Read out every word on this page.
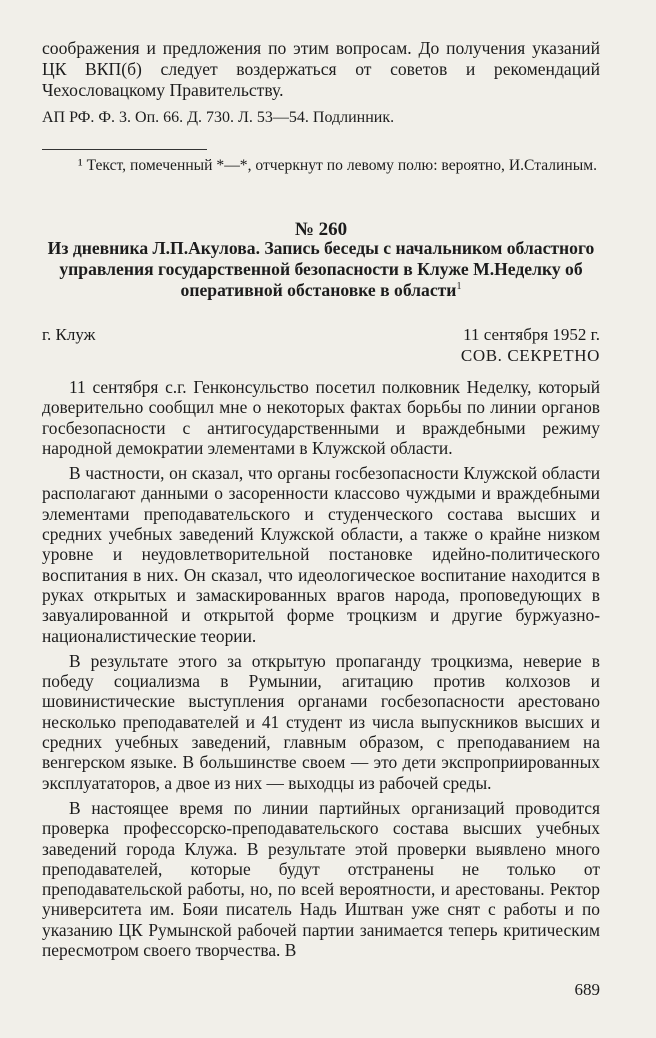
соображения и предложения по этим вопросам. До получения указаний ЦК ВКП(б) следует воздержаться от советов и рекомендаций Чехословацкому Правительству.
АП РФ. Ф. 3. Оп. 66. Д. 730. Л. 53—54. Подлинник.
¹ Текст, помеченный *—*, отчеркнут по левому полю: вероятно, И.Сталиным.
№ 260
Из дневника Л.П.Акулова. Запись беседы с начальником областного управления государственной безопасности в Клуже М.Неделку об оперативной обстановке в области$^1$
г. Клуж	11 сентября 1952 г.
СОВ. СЕКРЕТНО

11 сентября с.г. Генконсульство посетил полковник Неделку, который доверительно сообщил мне о некоторых фактах борьбы по линии органов госбезопасности с антигосударственными и враждебными режиму народной демократии элементами в Клужской области.

В частности, он сказал, что органы госбезопасности Клужской области располагают данными о засоренности классово чуждыми и враждебными элементами преподавательского и студенческого состава высших и средних учебных заведений Клужской области, а также о крайне низком уровне и неудовлетворительной постановке идейно-политического воспитания в них. Он сказал, что идеологическое воспитание находится в руках открытых и замаскированных врагов народа, проповедующих в завуалированной и открытой форме троцкизм и другие буржуазно-националистические теории.

В результате этого за открытую пропаганду троцкизма, неверие в победу социализма в Румынии, агитацию против колхозов и шовинистические выступления органами госбезопасности арестовано несколько преподавателей и 41 студент из числа выпускников высших и средних учебных заведений, главным образом, с преподаванием на венгерском языке. В большинстве своем — это дети экспроприированных эксплуататоров, а двое из них — выходцы из рабочей среды.

В настоящее время по линии партийных организаций проводится проверка профессорско-преподавательского состава высших учебных заведений города Клужа. В результате этой проверки выявлено много преподавателей, которые будут отстранены не только от преподавательской работы, но, по всей вероятности, и арестованы. Ректор университета им. Бояи писатель Надь Иштван уже снят с работы и по указанию ЦК Румынской рабочей партии занимается теперь критическим пересмотром своего творчества. В

689
